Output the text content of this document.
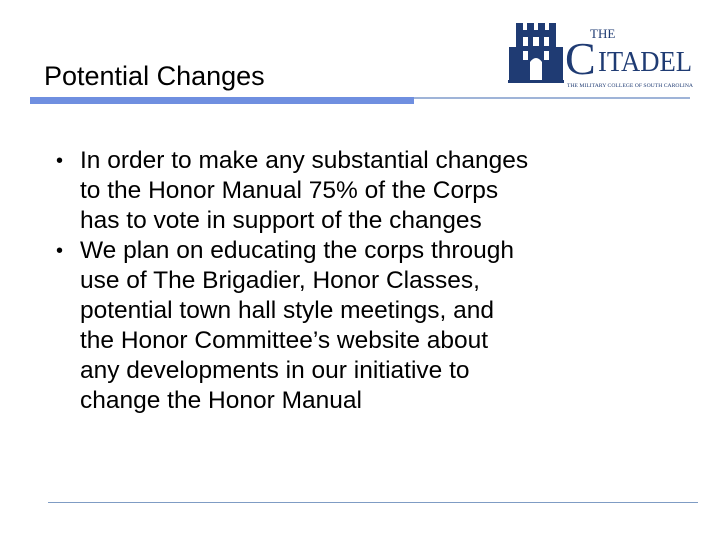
Potential Changes
THE
C ITADEL
THE MILITARY COLLEGE OF SOUTH CAROLINA
• In order to make any substantial changes
to the Honor Manual 75% of the Corps
has to vote in support of the changes
• We plan on educating the corps through
use of The Brigadier, Honor Classes,
potential town hall style meetings, and
the Honor Committee’s website about
any developments in our initiative to
change the Honor Manual
